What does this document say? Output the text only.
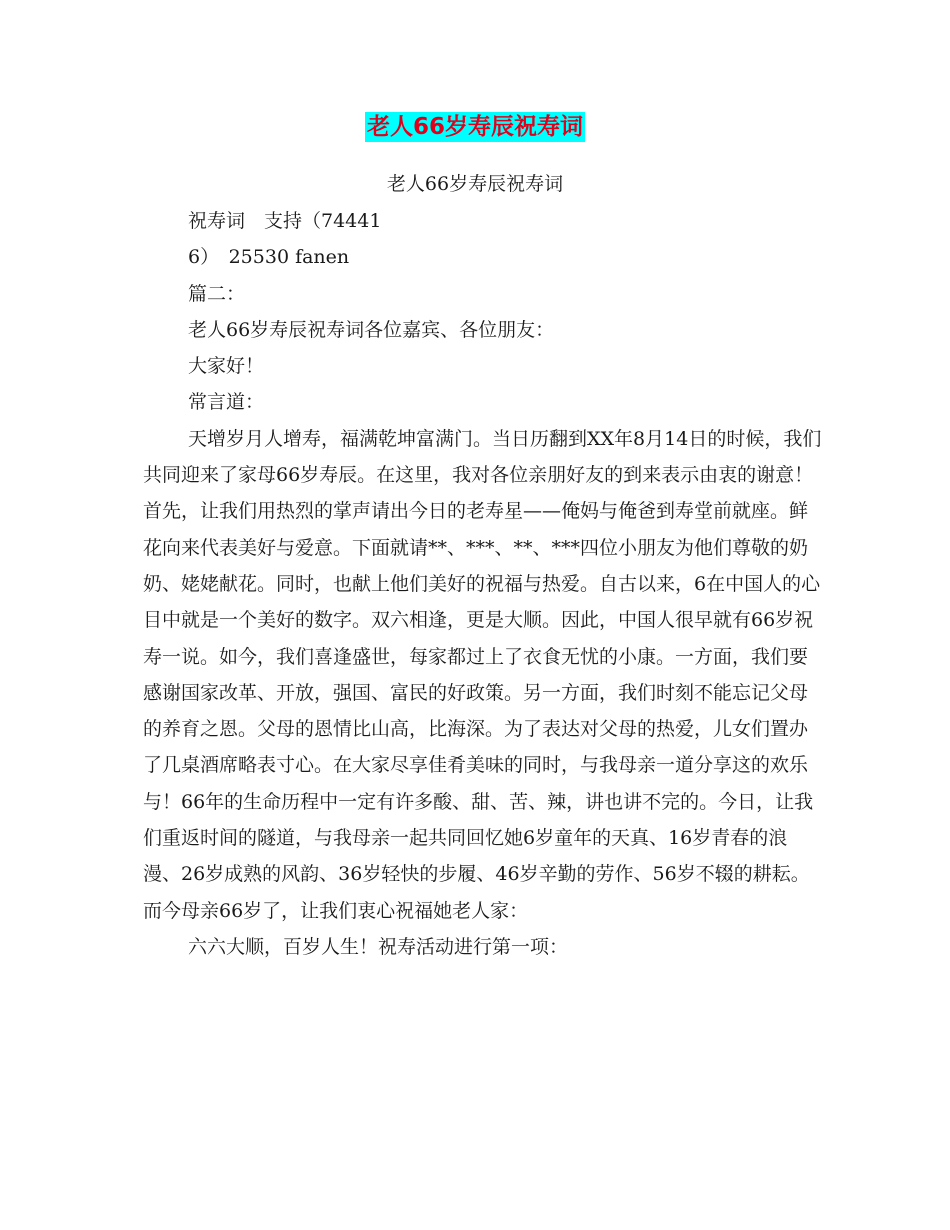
老人66岁寿辰祝寿词
老人66岁寿辰祝寿词

祝寿词　支持（74441

6）　25530 fanen

篇二：

老人66岁寿辰祝寿词各位嘉宾、各位朋友：

大家好！

常言道：

天增岁月人增寿，福满乾坤富满门。当日历翻到XX年8月14日的时候，我们共同迎来了家母66岁寿辰。在这里，我对各位亲朋好友的到来表示由衷的谢意！首先，让我们用热烈的掌声请出今日的老寿星——俺妈与俺爸到寿堂前就座。鲜花向来代表美好与爱意。下面就请**、***、**、***四位小朋友为他们尊敬的奶奶、姥姥献花。同时，也献上他们美好的祝福与热爱。自古以来，6在中国人的心目中就是一个美好的数字。双六相逢，更是大顺。因此，中国人很早就有66岁祝寿一说。如今，我们喜逢盛世，每家都过上了衣食无忧的小康。一方面，我们要感谢国家改革、开放，强国、富民的好政策。另一方面，我们时刻不能忘记父母的养育之恩。父母的恩情比山高，比海深。为了表达对父母的热爱，儿女们置办了几桌酒席略表寸心。在大家尽享佳肴美味的同时，与我母亲一道分享这的欢乐与！66年的生命历程中一定有许多酸、甜、苦、辣，讲也讲不完的。今日，让我们重返时间的隧道，与我母亲一起共同回忆她6岁童年的天真、16岁青春的浪漫、26岁成熟的风韵、36岁轻快的步履、46岁辛勤的劳作、56岁不辍的耕耘。而今母亲66岁了，让我们衷心祝福她老人家：

六六大顺，百岁人生！祝寿活动进行第一项：
